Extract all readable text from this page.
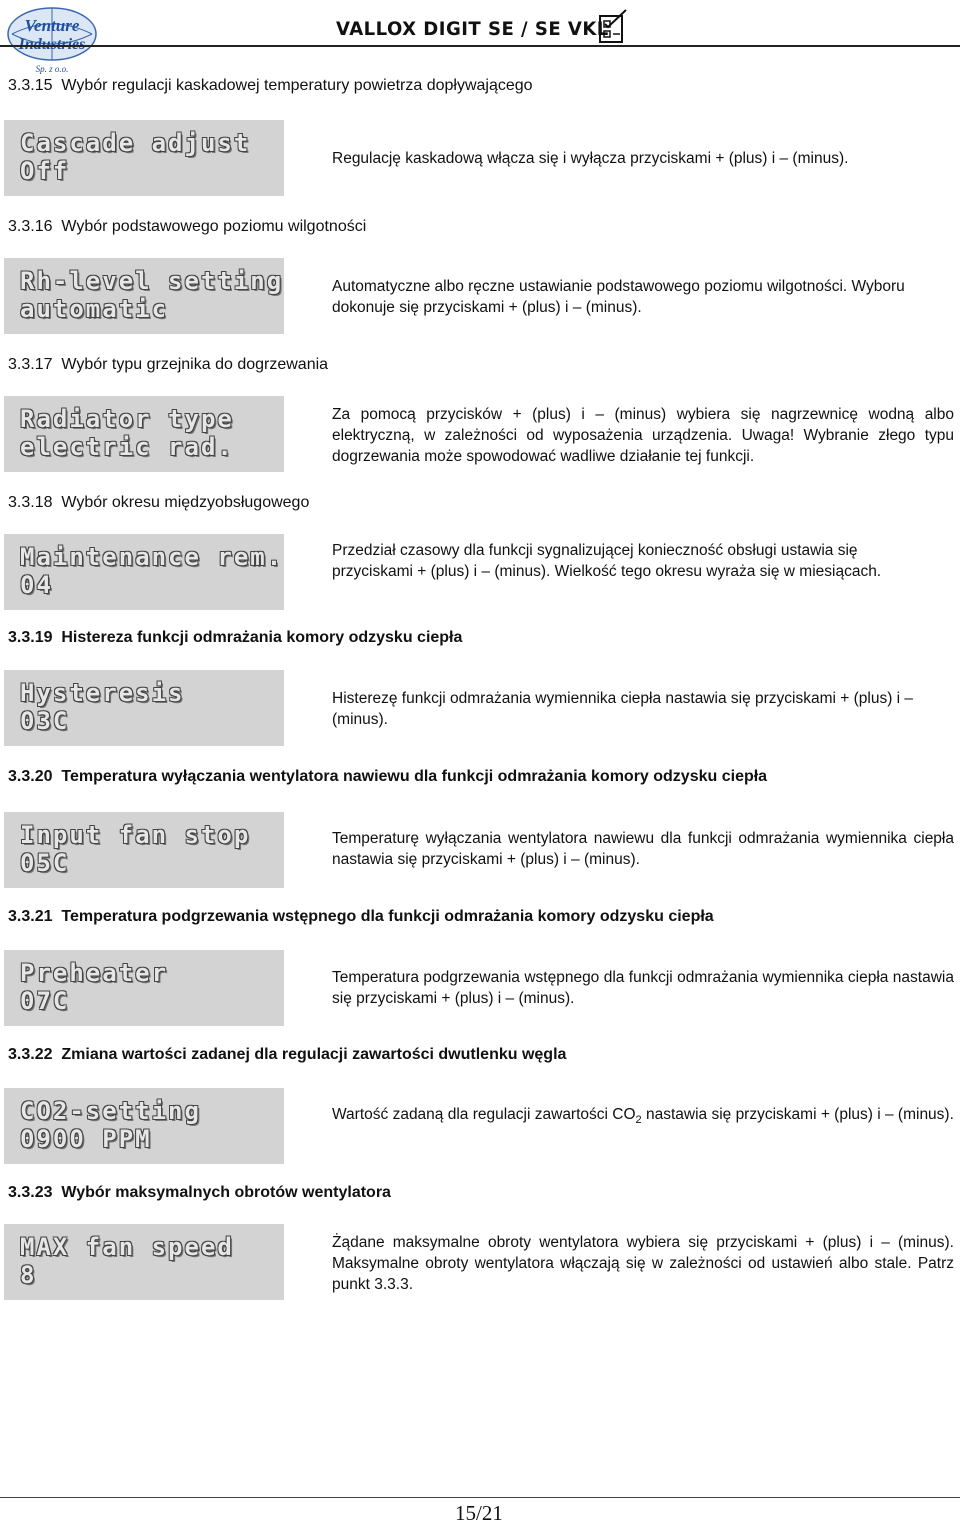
Venture
Sp. z o.o.
VALLOX DIGIT SE / SE VKL
3.3.15 Wybór regulacji kaskadowej temperatury powietrza dopływającego
Cascade adjust
Off	Regulację kaskadową włącza się i wyłącza przyciskami + (plus) i – (minus).

3.3.16 Wybór podstawowego poziomu wilgotności
Rh-level setting
automatic

Automatyczne albo ręczne ustawianie podstawowego poziomu wilgotności. Wyboru dokonuje się przyciskami + (plus) i – (minus).

3.3.17 Wybór typu grzejnika do dogrzewania
Radiator type
electric rad.

Za pomocą przycisków + (plus) i – (minus) wybiera się nagrzewnicę wodną albo elektryczną, w zależności od wyposażenia urządzenia. Uwaga! Wybranie złego typu dogrzewania może spowodować wadliwe działanie tej funkcji.

3.3.18 Wybór okresu międzyobsługowego
Maintenance rem.
04

Przedział czasowy dla funkcji sygnalizującej konieczność obsługi ustawia się przyciskami + (plus) i – (minus). Wielkość tego okresu wyraża się w miesiącach.

3.3.19 Histereza funkcji odmrażania komory odzysku ciepła
Hysteresis
03C

Histerezę funkcji odmrażania wymiennika ciepła nastawia się przyciskami + (plus) i – (minus).

3.3.20 Temperatura wyłączania wentylatora nawiewu dla funkcji odmrażania komory odzysku ciepła
Input fan stop
05C

Temperaturę wyłączania wentylatora nawiewu dla funkcji odmrażania wymiennika ciepła nastawia się przyciskami + (plus) i – (minus).

3.3.21 Temperatura podgrzewania wstępnego dla funkcji odmrażania komory odzysku ciepła
Preheater
07C

Temperatura podgrzewania wstępnego dla funkcji odmrażania wymiennika ciepła nastawia się przyciskami + (plus) i – (minus).

3.3.22 Zmiana wartości zadanej dla regulacji zawartości dwutlenku węgla
CO2-setting
0900 PPM

Wartość zadaną dla regulacji zawartości $CO_2$ nastawia się przyciskami + (plus) i – (minus).

3.3.23 Wybór maksymalnych obrotów wentylatora
MAX fan speed
8

Żądane maksymalne obroty wentylatora wybiera się przyciskami + (plus) i – (minus). Maksymalne obroty wentylatora włączają się w zależności od ustawień albo stale. Patrz punkt 3.3.3.

15/21
